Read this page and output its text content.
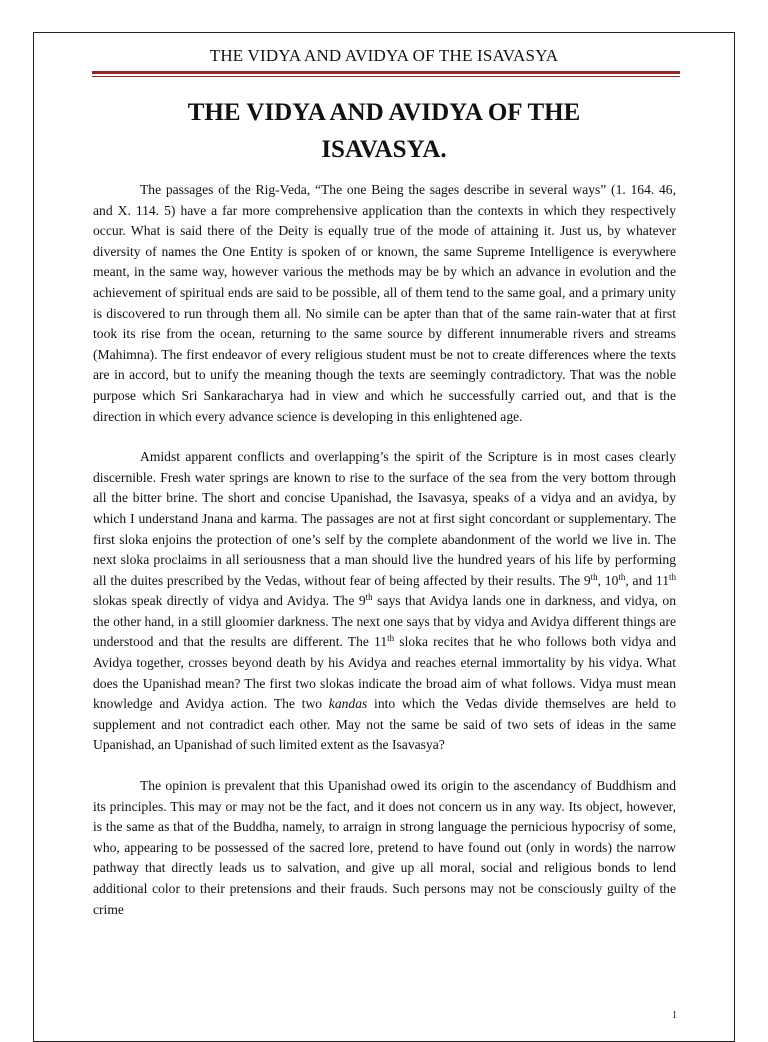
THE VIDYA AND AVIDYA OF THE ISAVASYA
THE VIDYA AND AVIDYA OF THE
ISAVASYA.

The passages of the Rig-Veda, “The one Being the sages describe in several ways” (1. 164. 46, and X. 114. 5) have a far more comprehensive application than the contexts in which they respectively occur. What is said there of the Deity is equally true of the mode of attaining it. Just us, by whatever diversity of names the One Entity is spoken of or known, the same Supreme Intelligence is everywhere meant, in the same way, however various the methods may be by which an advance in evolution and the achievement of spiritual ends are said to be possible, all of them tend to the same goal, and a primary unity is discovered to run through them all. No simile can be apter than that of the same rain-water that at first took its rise from the ocean, returning to the same source by different innumerable rivers and streams (Mahimna). The first endeavor of every religious student must be not to create differences where the texts are in accord, but to unify the meaning though the texts are seemingly contradictory. That was the noble purpose which Sri Sankaracharya had in view and which he successfully carried out, and that is the direction in which every advance science is developing in this enlightened age.

Amidst apparent conflicts and overlapping’s the spirit of the Scripture is in most cases clearly discernible. Fresh water springs are known to rise to the surface of the sea from the very bottom through all the bitter brine. The short and concise Upanishad, the Isavasya, speaks of a vidya and an avidya, by which I understand Jnana and karma. The passages are not at first sight concordant or supplementary. The first sloka enjoins the protection of one’s self by the complete abandonment of the world we live in. The next sloka proclaims in all seriousness that a man should live the hundred years of his life by performing all the duites prescribed by the Vedas, without fear of being affected by their results. The 9th, 10th, and 11th slokas speak directly of vidya and Avidya. The 9th says that Avidya lands one in darkness, and vidya, on the other hand, in a still gloomier darkness. The next one says that by vidya and Avidya different things are understood and that the results are different. The 11th sloka recites that he who follows both vidya and Avidya together, crosses beyond death by his Avidya and reaches eternal immortality by his vidya. What does the Upanishad mean? The first two slokas indicate the broad aim of what follows. Vidya must mean knowledge and Avidya action. The two kandas into which the Vedas divide themselves are held to supplement and not contradict each other. May not the same be said of two sets of ideas in the same Upanishad, an Upanishad of such limited extent as the Isavasya?

The opinion is prevalent that this Upanishad owed its origin to the ascendancy of Buddhism and its principles. This may or may not be the fact, and it does not concern us in any way. Its object, however, is the same as that of the Buddha, namely, to arraign in strong language the pernicious hypocrisy of some, who, appearing to be possessed of the sacred lore, pretend to have found out (only in words) the narrow pathway that directly leads us to salvation, and give up all moral, social and religious bonds to lend additional color to their pretensions and their frauds. Such persons may not be consciously guilty of the crime

1
